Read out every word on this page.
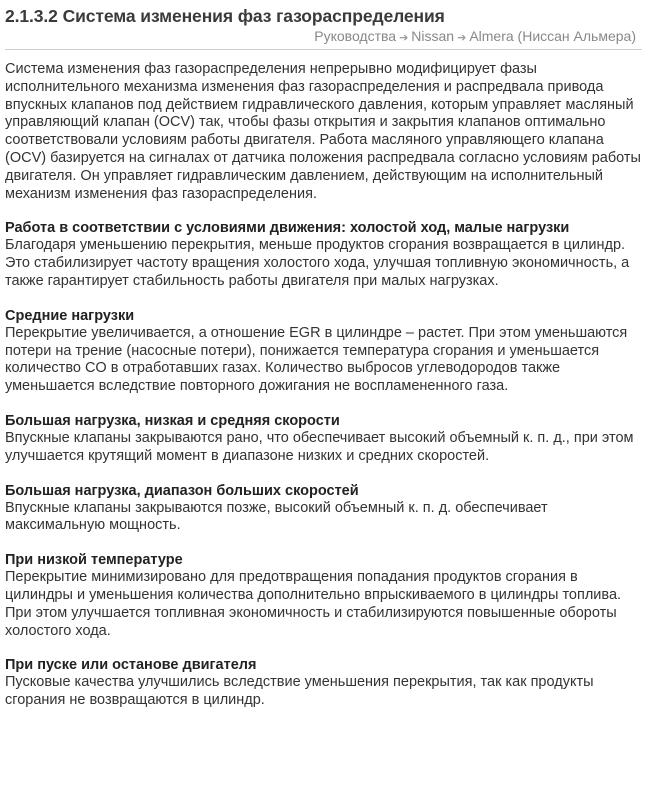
2.1.3.2 Система изменения фаз газораспределения
Руководства ➔ Nissan ➔ Almera (Ниссан Альмера)

Система изменения фаз газораспределения непрерывно модифицирует фазы исполнительного механизма изменения фаз газораспределения и распредвала привода впускных клапанов под действием гидравлического давления, которым управляет масляный управляющий клапан (OCV) так, чтобы фазы открытия и закрытия клапанов оптимально соответствовали условиям работы двигателя. Работа масляного управляющего клапана (OCV) базируется на сигналах от датчика положения распредвала согласно условиям работы двигателя. Он управляет гидравлическим давлением, действующим на исполнительный механизм изменения фаз газораспределения.

Работа в соответствии с условиями движения: холостой ход, малые нагрузки
Благодаря уменьшению перекрытия, меньше продуктов сгорания возвращается в цилиндр. Это стабилизирует частоту вращения холостого хода, улучшая топливную экономичность, а также гарантирует стабильность работы двигателя при малых нагрузках.
Средние нагрузки
Перекрытие увеличивается, а отношение EGR в цилиндре – растет. При этом уменьшаются потери на трение (насосные потери), понижается температура сгорания и уменьшается количество CO в отработавших газах. Количество выбросов углеводородов также уменьшается вследствие повторного дожигания не воспламененного газа.
Большая нагрузка, низкая и средняя скорости
Впускные клапаны закрываются рано, что обеспечивает высокий объемный к. п. д., при этом улучшается крутящий момент в диапазоне низких и средних скоростей.
Большая нагрузка, диапазон больших скоростей
Впускные клапаны закрываются позже, высокий объемный к. п. д. обеспечивает максимальную мощность.
При низкой температуре
Перекрытие минимизировано для предотвращения попадания продуктов сгорания в цилиндры и уменьшения количества дополнительно впрыскиваемого в цилиндры топлива. При этом улучшается топливная экономичность и стабилизируются повышенные обороты холостого хода.
При пуске или останове двигателя
Пусковые качества улучшились вследствие уменьшения перекрытия, так как продукты сгорания не возвращаются в цилиндр.
